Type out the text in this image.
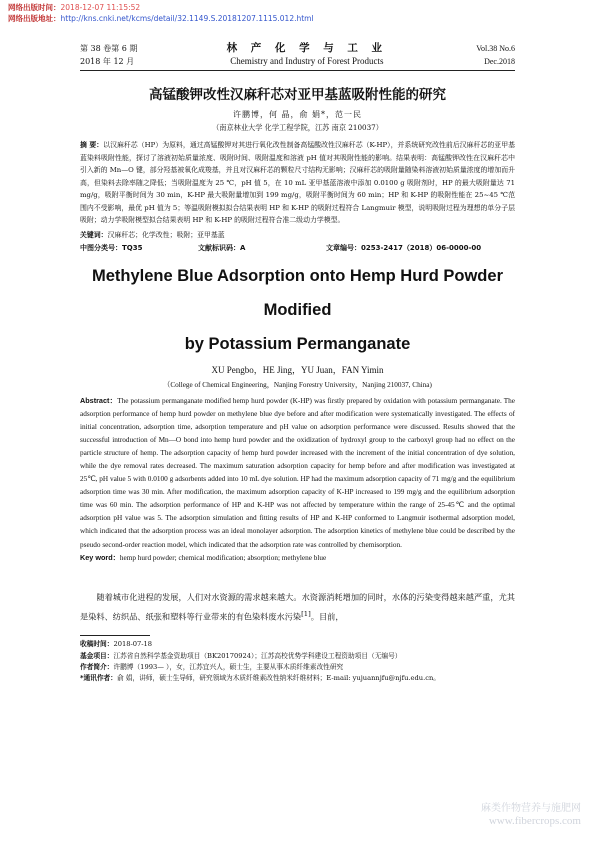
网络出版时间：2018-12-07 11:15:52
网络出版地址：http://kns.cnki.net/kcms/detail/32.1149.S.20181207.1115.012.html
第 38 卷第 6 期
2018 年 12 月
林 产 化 学 与 工 业
Chemistry and Industry of Forest Products
Vol.38 No.6
Dec.2018
高锰酸钾改性汉麻秆芯对亚甲基蓝吸附性能的研究
许鹏博，何 晶，俞 娟*，范一民
（南京林业大学 化学工程学院，江苏 南京 210037）
摘 要：以汉麻秆芯（HP）为原料，通过高锰酸钾对其进行氧化改性制备高锰酸改性汉麻秆芯（K-HP），并系统研究改性前后汉麻秆芯的亚甲基蓝染料吸附性能，探讨了溶液初始质量浓度、吸附时间、吸附温度和溶液 pH 值对其吸附性能的影响。结果表明：高锰酸钾改性在汉麻秆芯中引入新的 Mn—O 键，部分羟基被氧化成羧基，并且对汉麻秆芯的颗粒尺寸结构无影响；汉麻秆芯的吸附量随染料溶液初始质量浓度的增加而升高，但染料去除率随之降低；当吸附温度为 25 ℃，pH 值 5，在 10 mL 亚甲基蓝溶液中添加 0.0100 g 吸附剂时，HP 的最大吸附量达 71 mg/g，吸附平衡时间为 30 min，K-HP 最大吸附量增加到 199 mg/g，吸附平衡时间为 60 min；HP 和 K-HP 的吸附性能在 25~45 ℃范围内不受影响，最优 pH 值为 5；等温吸附模拟拟合结果表明 HP 和 K-HP 的吸附过程符合 Langmuir 模型，说明吸附过程为理想的单分子层吸附；动力学吸附模型拟合结果表明 HP 和 K-HP 的吸附过程符合准二级动力学模型。
关键词：汉麻秆芯；化学改性；吸附；亚甲基蓝
中图分类号：TQ35	文献标识码：A	文章编号：0253-2417（2018）06-0000-00
Methylene Blue Adsorption onto Hemp Hurd Powder Modified
by Potassium Permanganate
XU Pengbo，HE Jing，YU Juan，FAN Yimin
（College of Chemical Engineering，Nanjing Forestry University，Nanjing 210037, China)
Abstract：The potassium permanganate modified hemp hurd powder (K-HP) was firstly prepared by oxidation with potassium permanganate. The adsorption performance of hemp hurd powder on methylene blue dye before and after modification were systematically investigated. The effects of initial concentration, adsorption time, adsorption temperature and pH value on adsorption performance were discussed. Results showed that the successful introduction of Mn—O bond into hemp hurd powder and the oxidization of hydroxyl group to the carboxyl group had no effect on the particle structure of hemp. The adsorption capacity of hemp hurd powder increased with the increment of the initial concentration of dye solution, while the dye removal rates decreased. The maximum saturation adsorption capacity for hemp before and after modification was investigated at 25℃, pH value 5 with 0.0100 g adsorbents added into 10 mL dye solution. HP had the maximum adsorption capacity of 71 mg/g and the equilibrium adsorption time was 30 min. After modification, the maximum adsorption capacity of K-HP increased to 199 mg/g and the equilibrium adsorption time was 60 min. The adsorption performance of HP and K-HP was not affected by temperature within the range of 25-45℃ and the optimal adsorption pH value was 5. The adsorption simulation and fitting results of HP and K-HP conformed to Langmuir isothermal adsorption model, which indicated that the adsorption process was an ideal monolayer adsorption. The adsorption kinetics of methylene blue could be described by the pseudo second-order reaction model, which indicated that the adsorption rate was controlled by chemisorption.
Key word：hemp hurd powder; chemical modification; absorption; methylene blue
随着城市化进程的发展，人们对水资源的需求越来越大。水资源消耗增加的同时，水体的污染变得越来越严重，尤其是染料、纺织品、纸张和塑料等行业带来的有色染料废水污染[1]。目前，
收稿时间：2018-07-18
基金项目：江苏省自然科学基金资助项目（BK20170924）；江苏高校优势学科建设工程资助项目（无编号）
作者简介：许鹏博（1993— ），女，江苏宜兴人，硕士生，主要从事木质纤维素改性研究
*通讯作者：俞 娟，讲师，硕士生导师，研究领域为木质纤维素改性纳米纤维材料；E-mail: yujuannjfu@njfu.edu.cn。
麻类作物营养与施肥网
www.fibercrops.com
